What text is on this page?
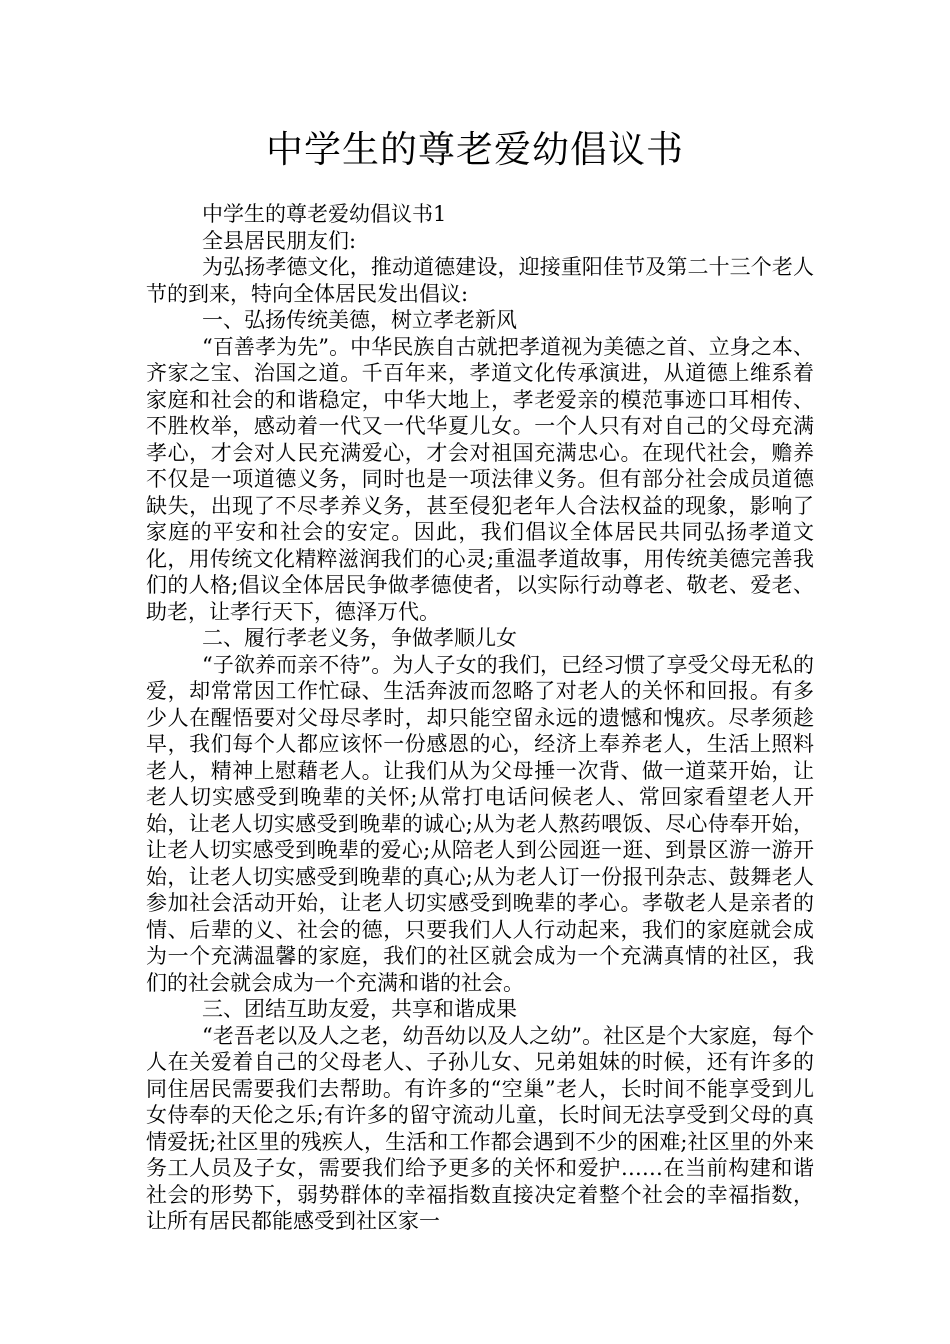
中学生的尊老爱幼倡议书

中学生的尊老爱幼倡议书1

全县居民朋友们:

为弘扬孝德文化，推动道德建设，迎接重阳佳节及第二十三个老人节的到来，特向全体居民发出倡议:

一、弘扬传统美德，树立孝老新风

“百善孝为先”。中华民族自古就把孝道视为美德之首、立身之本、齐家之宝、治国之道。千百年来，孝道文化传承演进，从道德上维系着家庭和社会的和谐稳定，中华大地上，孝老爱亲的模范事迹口耳相传、不胜枚举，感动着一代又一代华夏儿女。一个人只有对自己的父母充满孝心，才会对人民充满爱心，才会对祖国充满忠心。在现代社会，赡养不仅是一项道德义务，同时也是一项法律义务。但有部分社会成员道德缺失，出现了不尽孝养义务，甚至侵犯老年人合法权益的现象，影响了家庭的平安和社会的安定。因此，我们倡议全体居民共同弘扬孝道文化，用传统文化精粹滋润我们的心灵;重温孝道故事，用传统美德完善我们的人格;倡议全体居民争做孝德使者，以实际行动尊老、敬老、爱老、助老，让孝行天下，德泽万代。

二、履行孝老义务，争做孝顺儿女

“子欲养而亲不待”。为人子女的我们，已经习惯了享受父母无私的爱，却常常因工作忙碌、生活奔波而忽略了对老人的关怀和回报。有多少人在醒悟要对父母尽孝时，却只能空留永远的遗憾和愧疚。尽孝须趁早，我们每个人都应该怀一份感恩的心，经济上奉养老人，生活上照料老人，精神上慰藉老人。让我们从为父母捶一次背、做一道菜开始，让老人切实感受到晚辈的关怀;从常打电话问候老人、常回家看望老人开始，让老人切实感受到晚辈的诚心;从为老人熬药喂饭、尽心侍奉开始，让老人切实感受到晚辈的爱心;从陪老人到公园逛一逛、到景区游一游开始，让老人切实感受到晚辈的真心;从为老人订一份报刊杂志、鼓舞老人参加社会活动开始，让老人切实感受到晚辈的孝心。孝敬老人是亲者的情、后辈的义、社会的德，只要我们人人行动起来，我们的家庭就会成为一个充满温馨的家庭，我们的社区就会成为一个充满真情的社区，我们的社会就会成为一个充满和谐的社会。

三、团结互助友爱，共享和谐成果

“老吾老以及人之老，幼吾幼以及人之幼”。社区是个大家庭，每个人在关爱着自己的父母老人、子孙儿女、兄弟姐妹的时候，还有许多的同住居民需要我们去帮助。有许多的“空巢”老人，长时间不能享受到儿女侍奉的天伦之乐;有许多的留守流动儿童，长时间无法享受到父母的真情爱抚;社区里的残疾人，生活和工作都会遇到不少的困难;社区里的外来务工人员及子女，需要我们给予更多的关怀和爱护……在当前构建和谐社会的形势下，弱势群体的幸福指数直接决定着整个社会的幸福指数，让所有居民都能感受到社区家一
